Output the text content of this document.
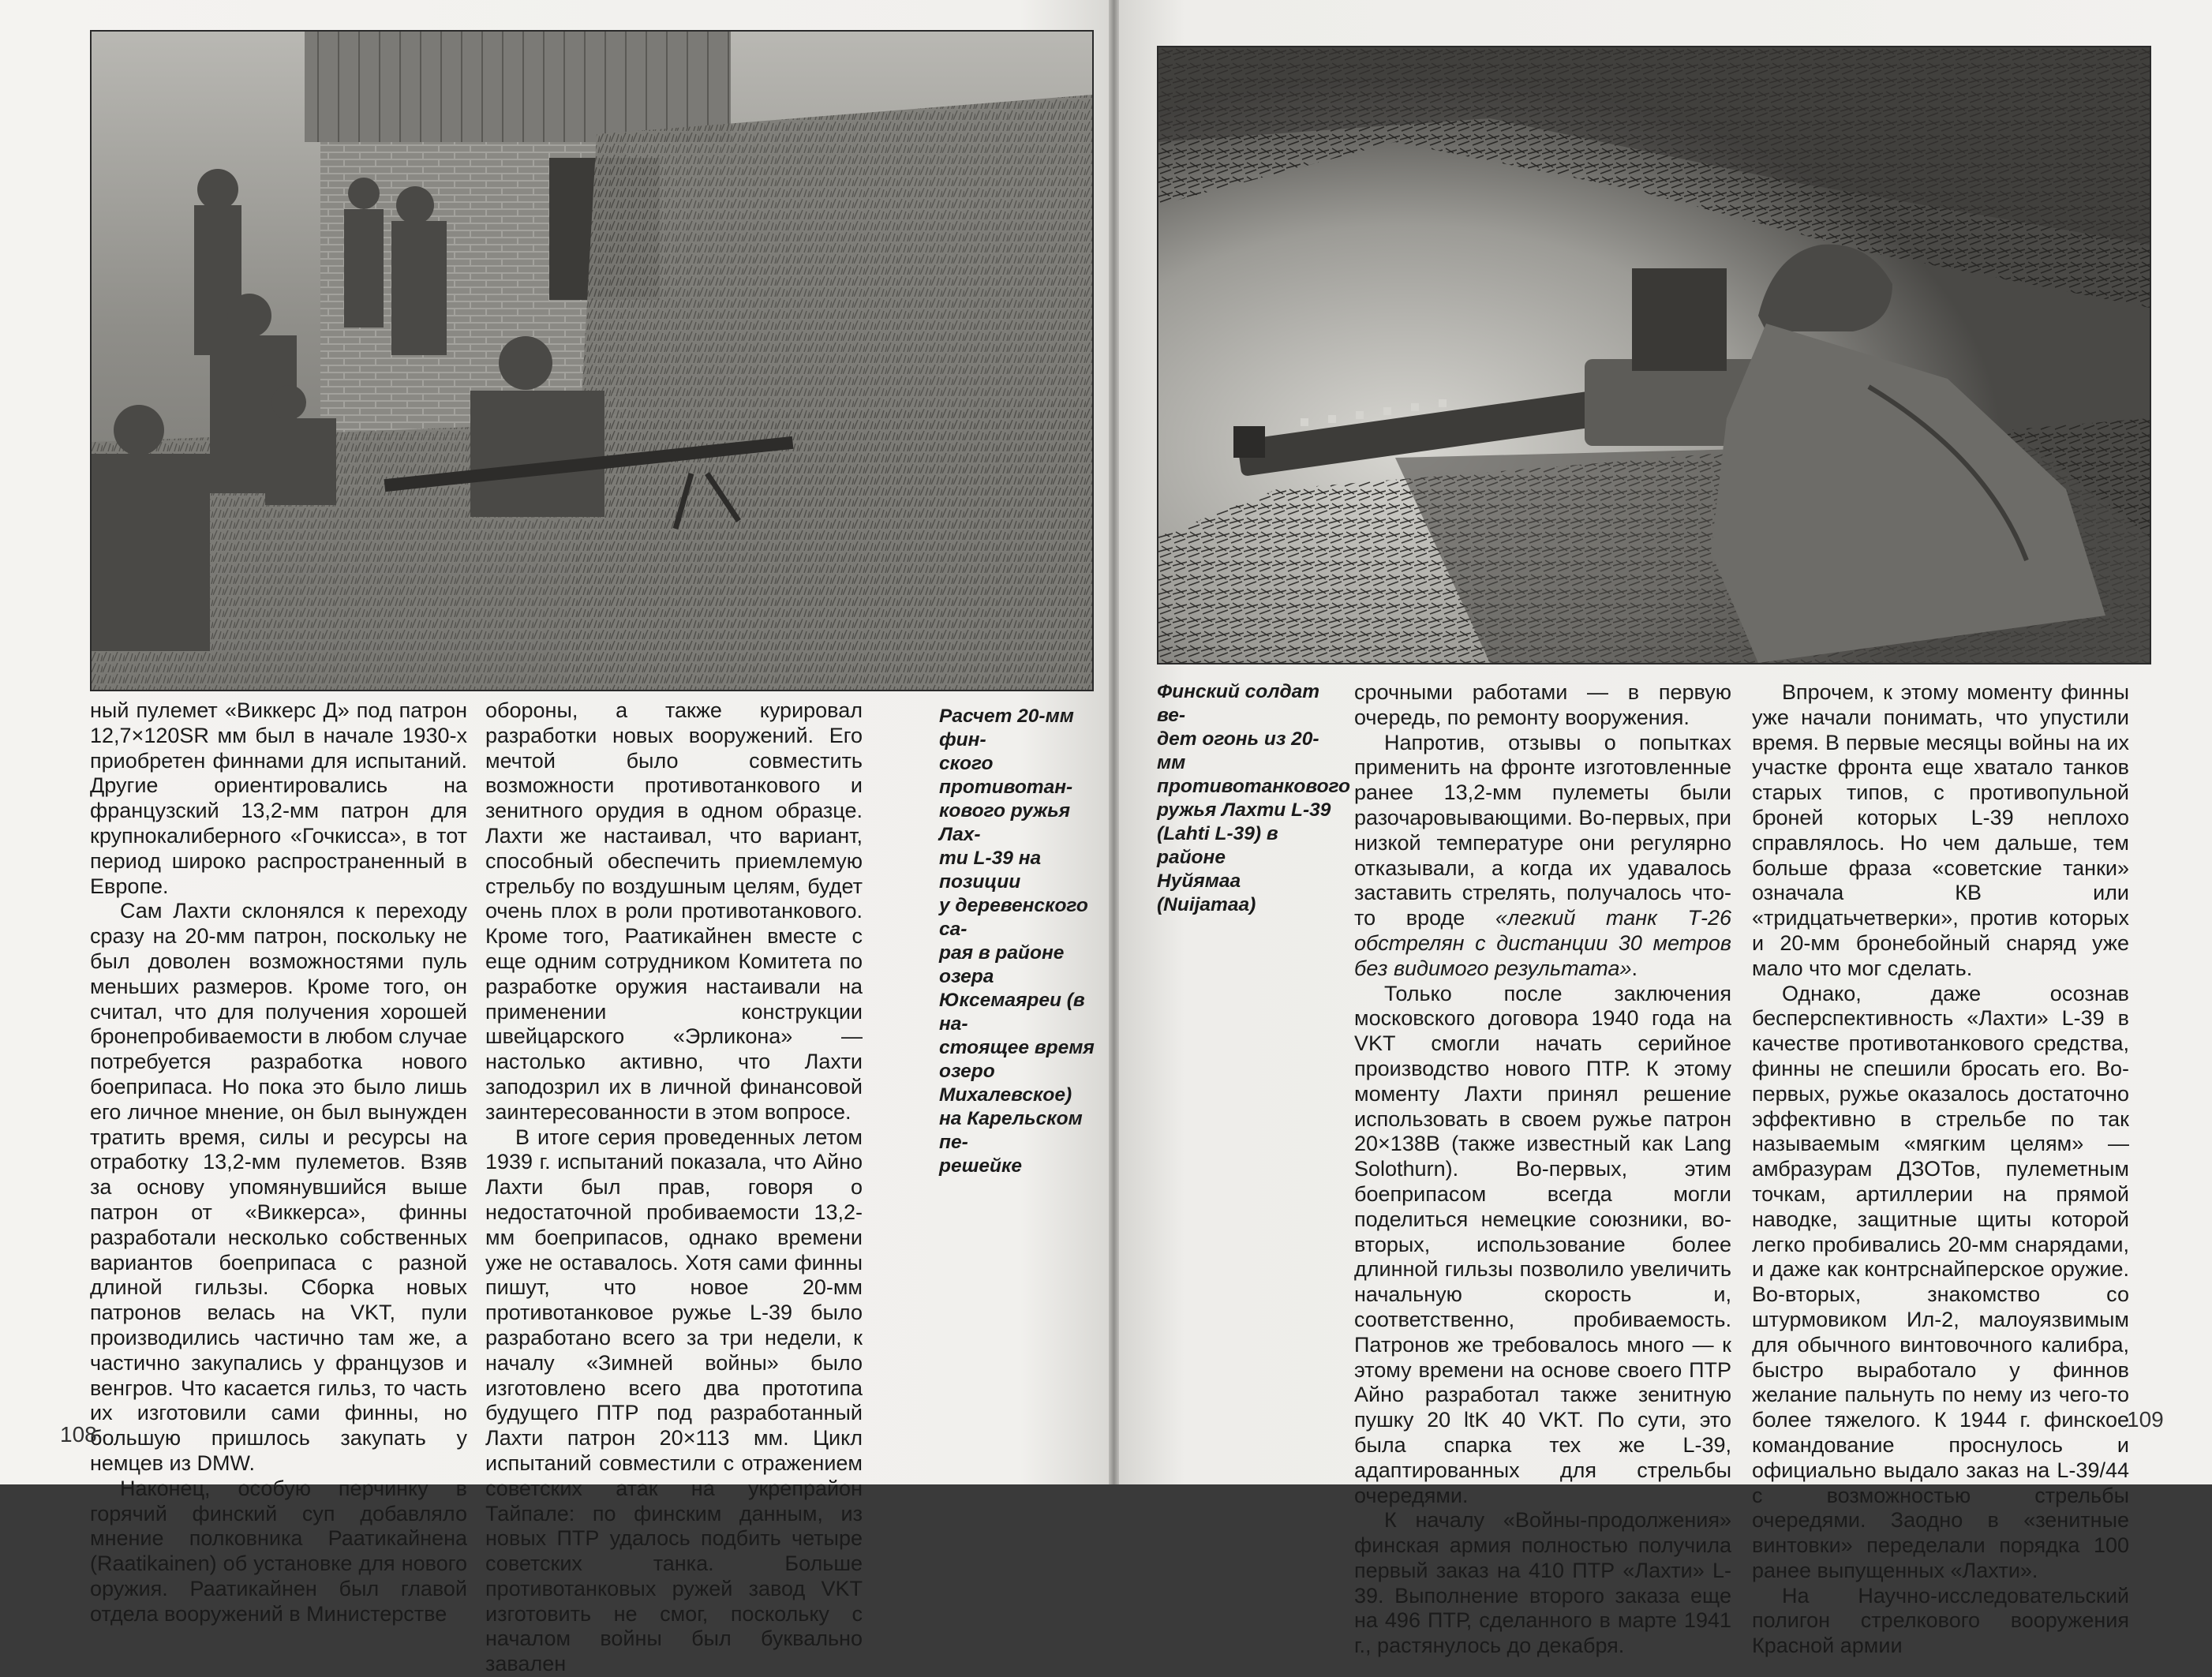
ный пулемет «Виккерс Д» под патрон 12,7×120SR мм был в начале 1930-х приобретен финнами для испытаний. Другие ориентировались на французский 13,2-мм патрон для крупнокалиберного «Гочкисса», в тот период широко распространенный в Европе.

Сам Лахти склонялся к переходу сразу на 20-мм патрон, поскольку не был доволен возможностями пуль меньших размеров. Кроме того, он считал, что для получения хорошей бронепробиваемости в любом случае потребуется разработка нового боеприпаса. Но пока это было лишь его личное мнение, он был вынужден тратить время, силы и ресурсы на отработку 13,2-мм пулеметов. Взяв за основу упомянувшийся выше патрон от «Виккерса», финны разработали несколько собственных вариантов боеприпаса с разной длиной гильзы. Сборка новых патронов велась на VKT, пули производились частично там же, а частично закупались у французов и венгров. Что касается гильз, то часть их изготовили сами финны, но большую пришлось закупать у немцев из DMW.

Наконец, особую перчинку в горячий финский суп добавляло мнение полковника Раатикайнена (Raatikainen) об установке для нового оружия. Раатикайнен был главой отдела вооружений в Министерстве

обороны, а также курировал разработки новых вооружений. Его мечтой было совместить возможности противотанкового и зенитного орудия в одном образце. Лахти же настаивал, что вариант, способный обеспечить приемлемую стрельбу по воздушным целям, будет очень плох в роли противотанкового. Кроме того, Раатикайнен вместе с еще одним сотрудником Комитета по разработке оружия настаивали на применении конструкции швейцарского «Эрликона» — настолько активно, что Лахти заподозрил их в личной финансовой заинтересованности в этом вопросе.

В итоге серия проведенных летом 1939 г. испытаний показала, что Айно Лахти был прав, говоря о недостаточной пробиваемости 13,2-мм боеприпасов, однако времени уже не оставалось. Хотя сами финны пишут, что новое 20-мм противотанковое ружье L-39 было разработано всего за три недели, к началу «Зимней войны» было изготовлено всего два прототипа будущего ПТР под разработанный Лахти патрон 20×113 мм. Цикл испытаний совместили с отражением советских атак на укрепрайон Тайпале: по финским данным, из новых ПТР удалось подбить четыре советских танка. Больше противотанковых ружей завод VKT изготовить не смог, поскольку с началом войны был буквально завален

Расчет 20-мм фин-
ского противотан-
кового ружья Лах-
ти L-39 на позиции
у деревенского са-
рая в районе озера
Юксемаяреи (в на-
стоящее время
озеро Михалевское)
на Карельском пе-
решейке
108
Финский солдат ве-
дет огонь из 20-мм
противотанкового
ружья Лахти L-39
(Lahti L-39) в районе
Нуйямаа (Nuijamaa)

срочными работами — в первую очередь, по ремонту вооружения.

Напротив, отзывы о попытках применить на фронте изготовленные ранее 13,2-мм пулеметы были разочаровывающими. Во-первых, при низкой температуре они регулярно отказывали, а когда их удавалось заставить стрелять, получалось что-то вроде «легкий танк Т-26 обстрелян с дистанции 30 метров без видимого результата».

Только после заключения московского договора 1940 года на VKT смогли начать серийное производство нового ПТР. К этому моменту Лахти принял решение использовать в своем ружье патрон 20×138В (также известный как Lang Solothurn). Во-первых, этим боеприпасом всегда могли поделиться немецкие союзники, во-вторых, использование более длинной гильзы позволило увеличить начальную скорость и, соответственно, пробиваемость. Патронов же требовалось много — к этому времени на основе своего ПТР Айно разработал также зенитную пушку 20 ltK 40 VKT. По сути, это была спарка тех же L-39, адаптированных для стрельбы очередями.

К началу «Войны-продолжения» финская армия полностью получила первый заказ на 410 ПТР «Лахти» L-39. Выполнение второго заказа еще на 496 ПТР, сделанного в марте 1941 г., растянулось до декабря.

Впрочем, к этому моменту финны уже начали понимать, что упустили время. В первые месяцы войны на их участке фронта еще хватало танков старых типов, с противопульной броней которых L-39 неплохо справлялось. Но чем дальше, тем больше фраза «советские танки» означала КВ или «тридцатьчетверки», против которых и 20-мм бронебойный снаряд уже мало что мог сделать.

Однако, даже осознав бесперспективность «Лахти» L-39 в качестве противотанкового средства, финны не спешили бросать его. Во-первых, ружье оказалось достаточно эффективно в стрельбе по так называемым «мягким целям» — амбразурам ДЗОТов, пулеметным точкам, артиллерии на прямой наводке, защитные щиты которой легко пробивались 20-мм снарядами, и даже как контрснайперское оружие. Во-вторых, знакомство со штурмовиком Ил-2, малоуязвимым для обычного винтовочного калибра, быстро выработало у финнов желание пальнуть по нему из чего-то более тяжелого. К 1944 г. финское командование проснулось и официально выдало заказ на L-39/44 с возможностью стрельбы очередями. Заодно в «зенитные винтовки» переделали порядка 100 ранее выпущенных «Лахти».

На Научно-исследовательский полигон стрелкового вооружения Красной армии

109
